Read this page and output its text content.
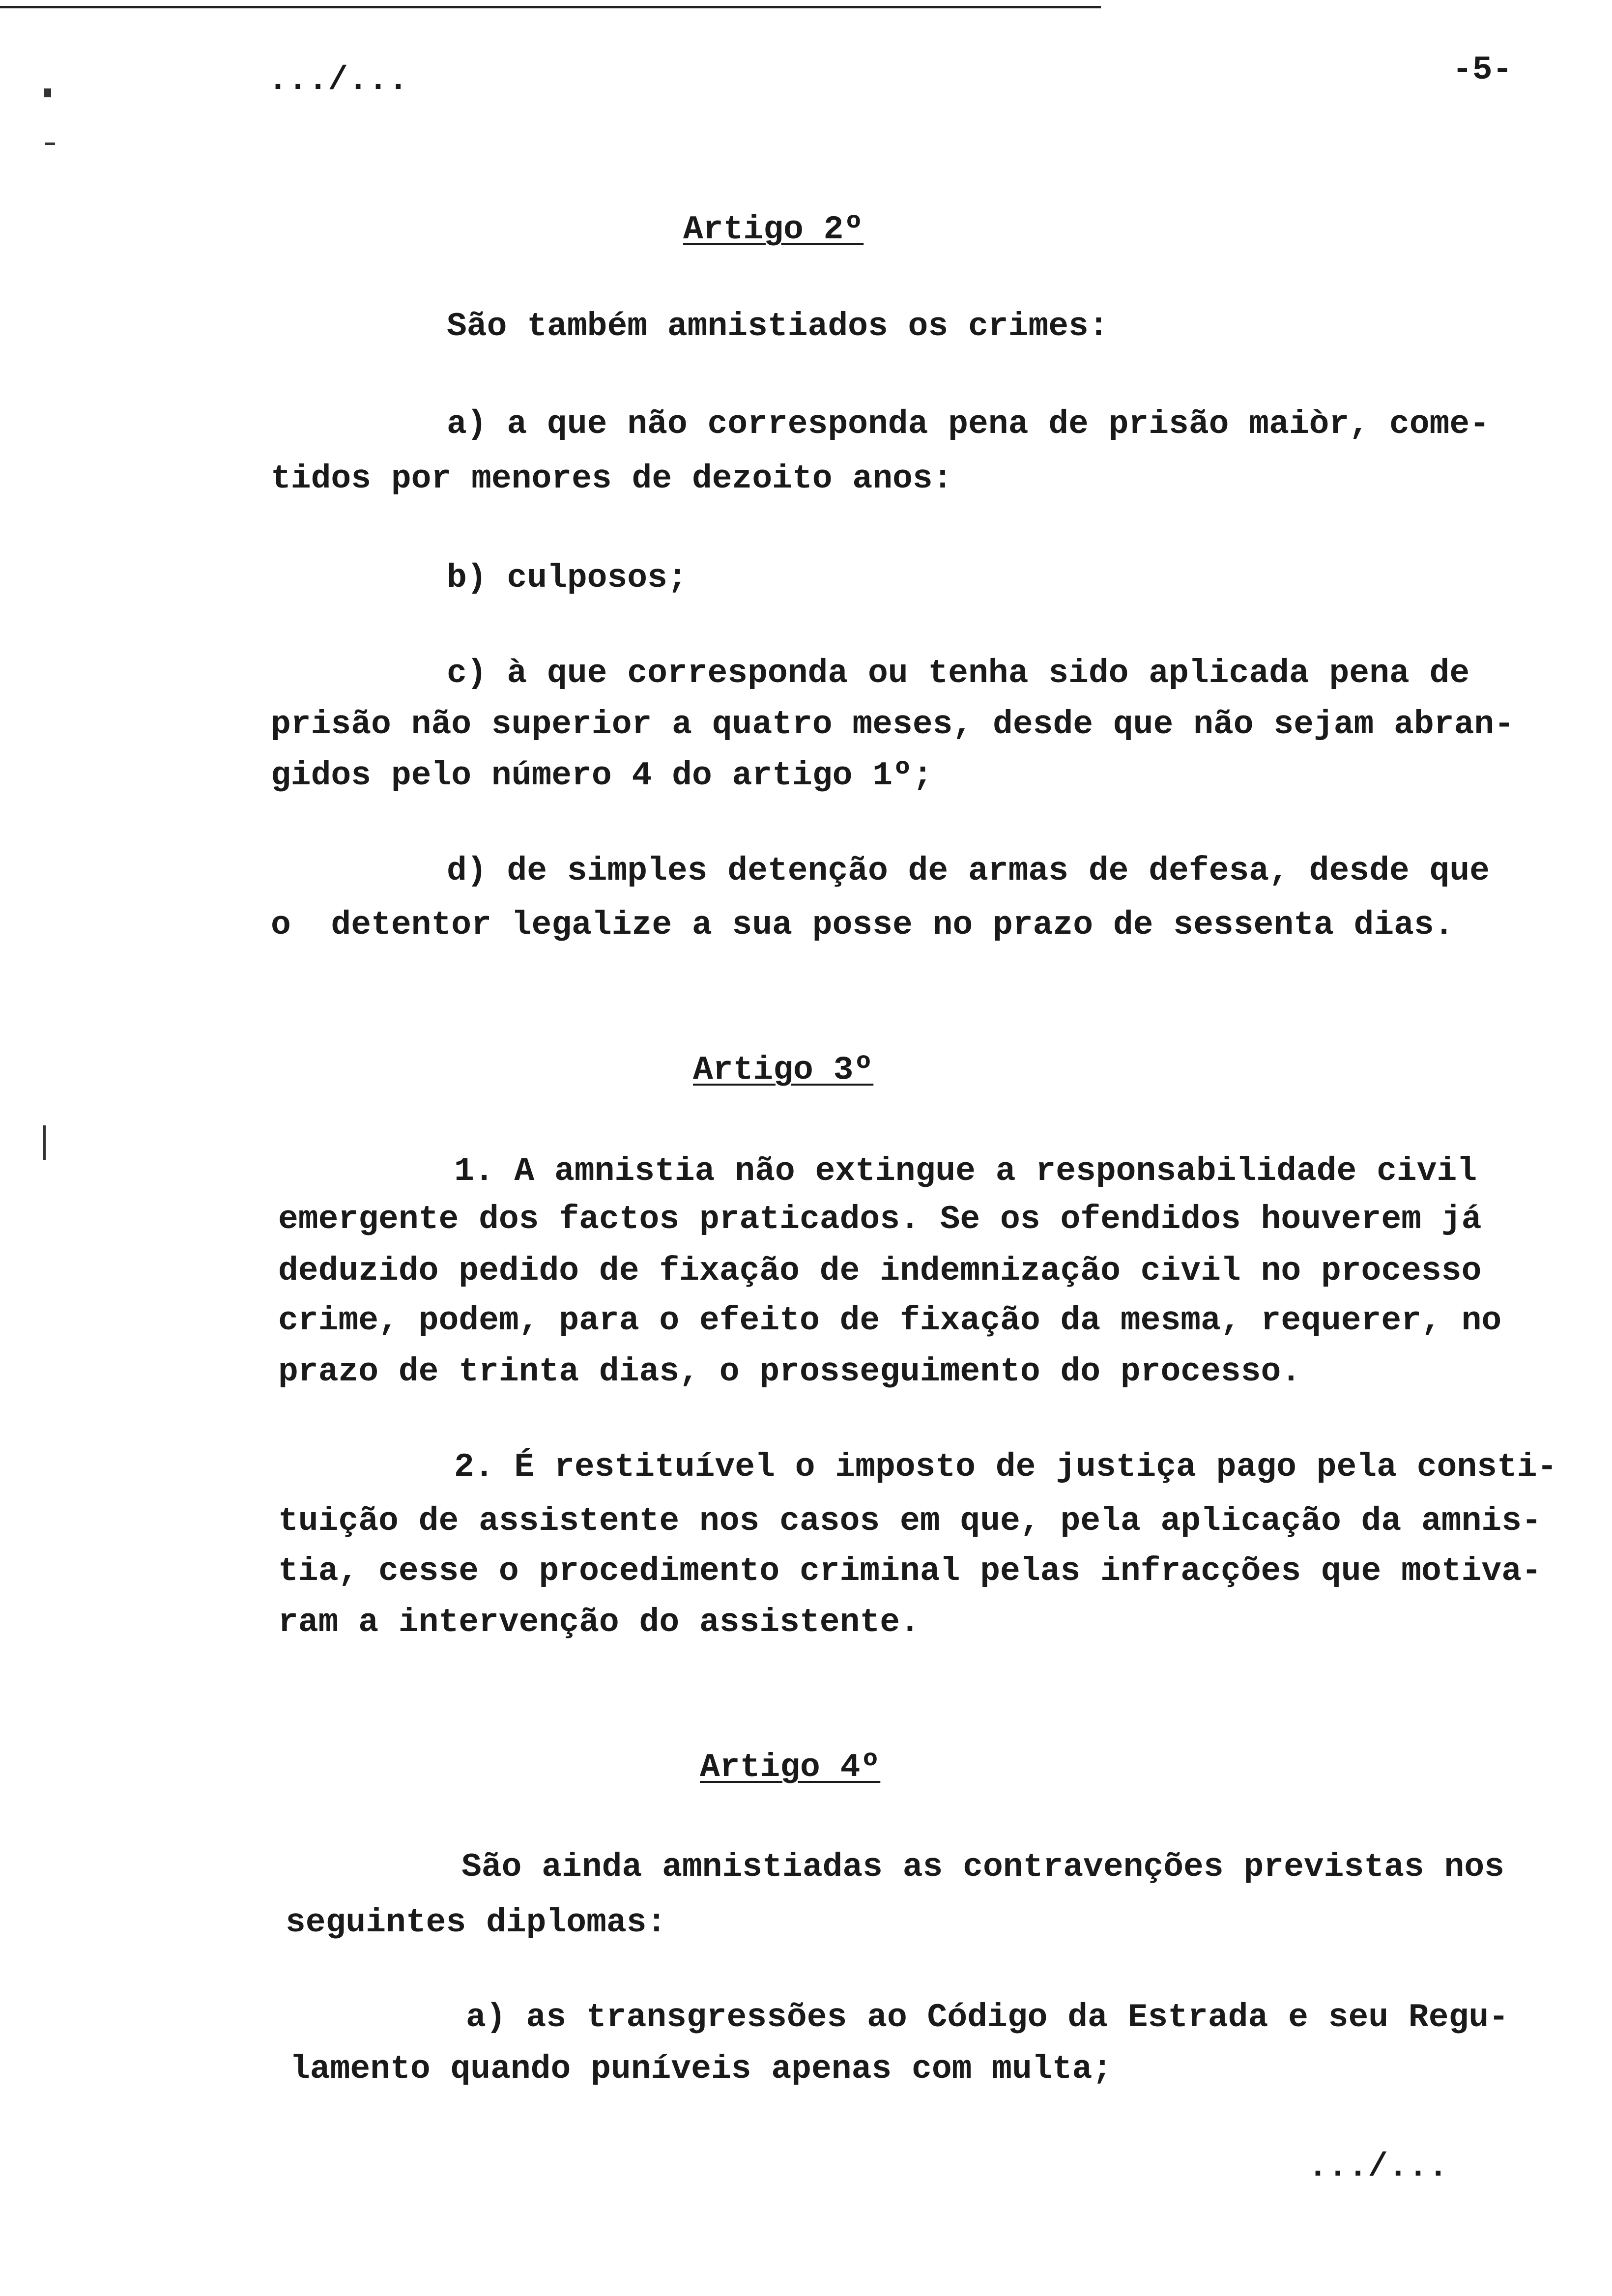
.../...	-5-
Artigo 2º
São também amnistiados os crimes:
a) a que não corresponda pena de prisão maiòr, come-
tidos por menores de dezoito anos:
b) culposos;
c) à que corresponda ou tenha sido aplicada pena de
prisão não superior a quatro meses, desde que não sejam abran-
gidos pelo número 4 do artigo 1º;
d) de simples detenção de armas de defesa, desde que
o  detentor legalize a sua posse no prazo de sessenta dias.
Artigo 3º
1. A amnistia não extingue a responsabilidade civil
emergente dos factos praticados. Se os ofendidos houverem já
deduzido pedido de fixação de indemnização civil no processo
crime, podem, para o efeito de fixação da mesma, requerer, no
prazo de trinta dias, o prosseguimento do processo.
2. É restituível o imposto de justiça pago pela consti-
tuição de assistente nos casos em que, pela aplicação da amnis-
tia, cesse o procedimento criminal pelas infracções que motiva-
ram a intervenção do assistente.
Artigo 4º
São ainda amnistiadas as contravenções previstas nos
seguintes diplomas:
a) as transgressões ao Código da Estrada e seu Regu-
lamento quando puníveis apenas com multa;
.../...
